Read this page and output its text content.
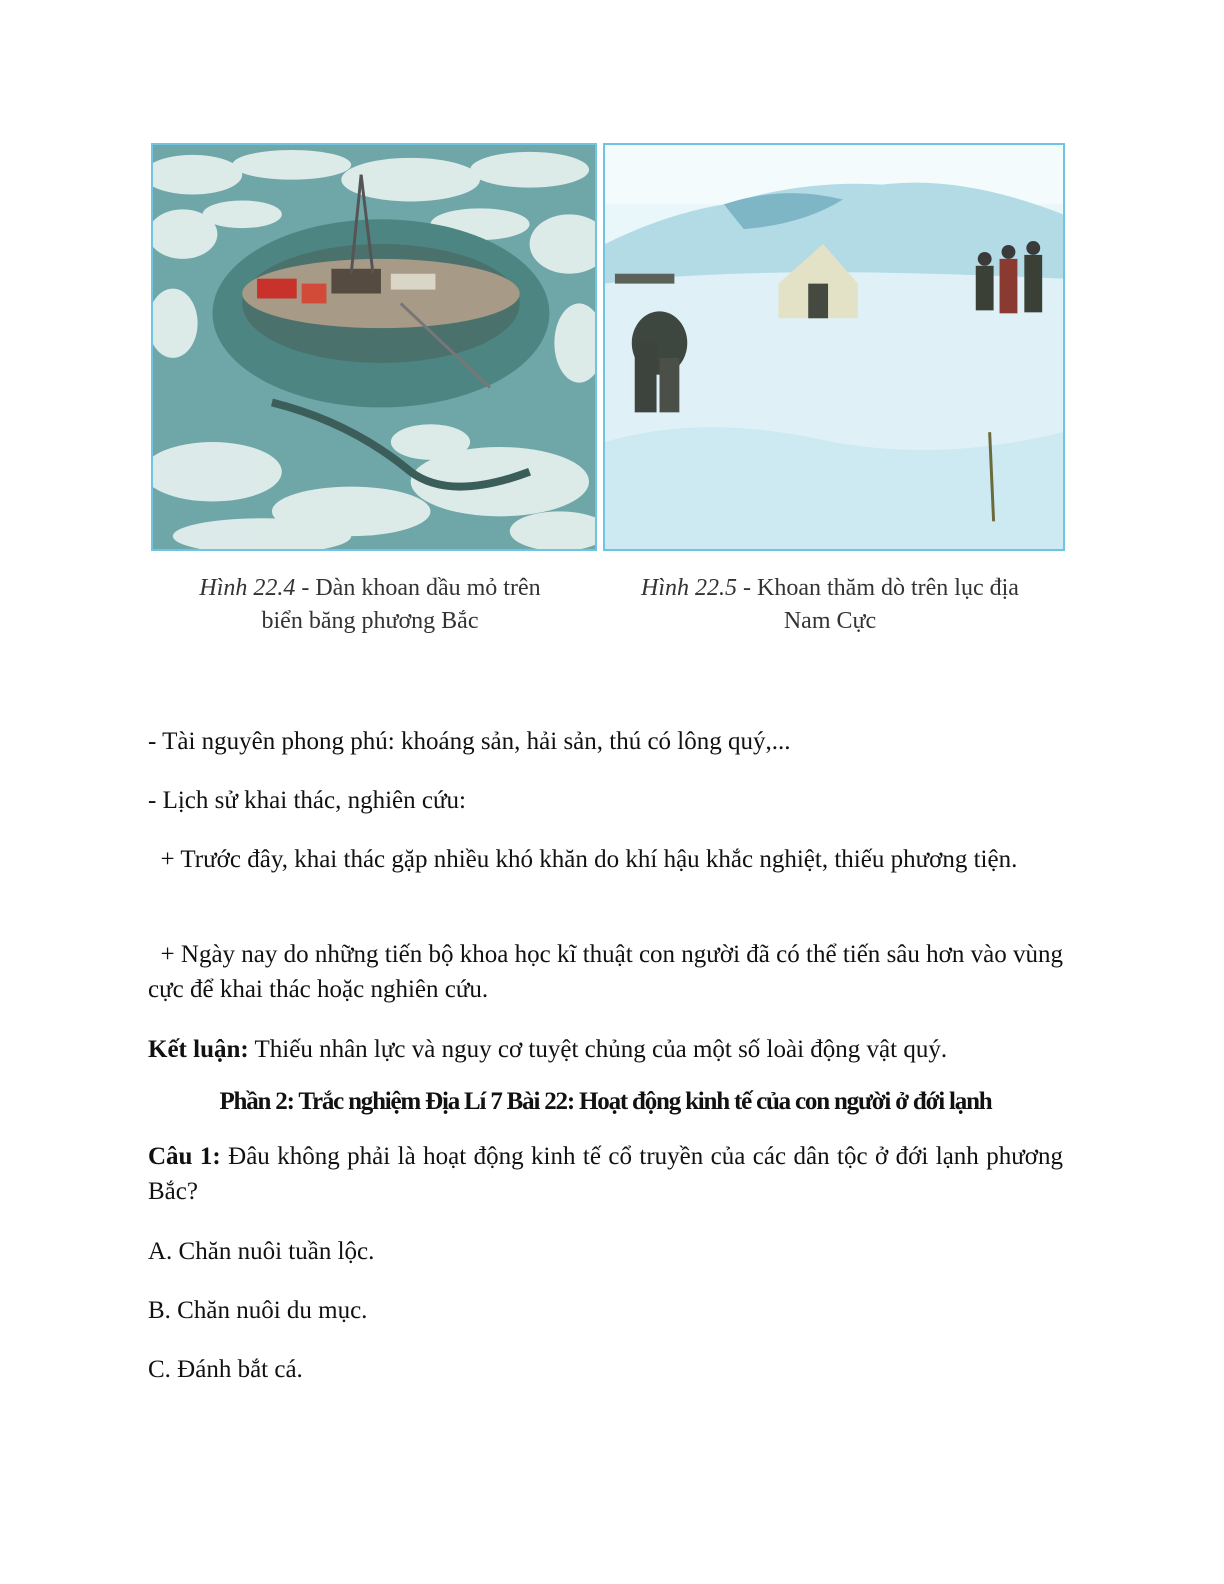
Hình 22.4 - Dàn khoan dầu mỏ trên
biển băng phương Bắc
Hình 22.5 - Khoan thăm dò trên lục địa
Nam Cực
- Tài nguyên phong phú: khoáng sản, hải sản, thú có lông quý,...
- Lịch sử khai thác, nghiên cứu:
+ Trước đây, khai thác gặp nhiều khó khăn do khí hậu khắc nghiệt, thiếu phương tiện.
+ Ngày nay do những tiến bộ khoa học kĩ thuật con người đã có thể tiến sâu hơn vào vùng cực để khai thác hoặc nghiên cứu.
Kết luận: Thiếu nhân lực và nguy cơ tuyệt chủng của một số loài động vật quý.
Phần 2: Trắc nghiệm Địa Lí 7 Bài 22: Hoạt động kinh tế của con người ở đới lạnh
Câu 1: Đâu không phải là hoạt động kinh tế cổ truyền của các dân tộc ở đới lạnh phương Bắc?
A. Chăn nuôi tuần lộc.
B. Chăn nuôi du mục.
C. Đánh bắt cá.
